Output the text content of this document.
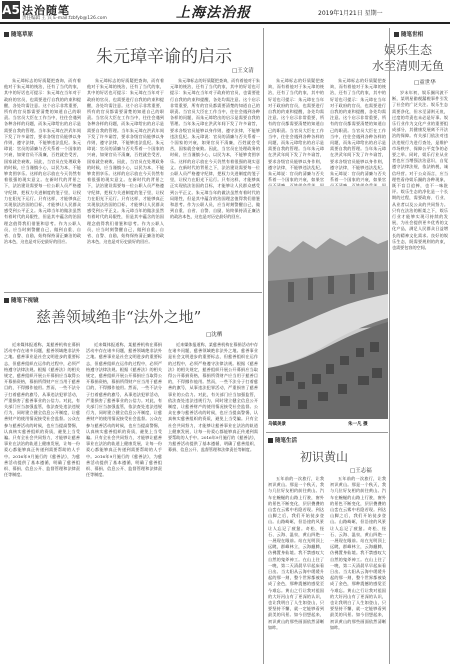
A5 法治随笔
责任编辑 王 宾 E-mail:fzbfyb@126.com	上海法治报	2019年1月21日 星期一
随笔草原
朱元璋辛谕的启示
□王文清
朱元璋标志的好质疑把查询，而有着他对于朱元璋的统治，还有了当代的家，其中的好话也可提示：朱元璋在当年对于政府的官员，也需要进行自我的约束和提醒，各处均需注意。这个启示非常重要，所有的官员都需要清楚的知道自己的职责。当官员大臣在工作当中，往往会遇到各种各样的问题，而朱元璋给出的启示是需要自我的管理。当年朱元璋在洪武年间下发了许多谕旨，要求各级官员能够以身作则，遵守法律，不能够违法乱纪。朱元璋说：官员的清廉与否关系着一个国家的兴衰，如果官员不清廉，百姓就会受苦，国家就会衰败。因此，当官员在处理政务的时候，应当谨慎小心，以民为本，不能够贪图享乐。这样的启示放在今天仍然有着很强的现实意义。在新时代的背景之下，法治建设需要每一位公职人员严格遵守纪律，把权力关进制度的笼子里，让权力在阳光下运行。只有这样，才能够真正实现依法治国的目标，才能够让人民群众感受到公平正义。朱元璋当年的做法虽然有着时代的局限性，但是其中蕴含的治国理念值得我们借鉴和思考。作为公职人员，应当时刻警醒自己，做到自重、自省、自警、自励，始终保持清正廉洁的政治本色，这也是对历史最好的回应。
朱元璋标志的好质疑把查询，而有着他对于朱元璋的统治，还有了当代的家，其中的好话也可提示：朱元璋在当年对于政府的官员，也需要进行自我的约束和提醒，各处均需注意。这个启示非常重要，所有的官员都需要清楚的知道自己的职责。当官员大臣在工作当中，往往会遇到各种各样的问题，而朱元璋给出的启示是需要自我的管理。当年朱元璋在洪武年间下发了许多谕旨，要求各级官员能够以身作则，遵守法律，不能够违法乱纪。朱元璋说：官员的清廉与否关系着一个国家的兴衰，如果官员不清廉，百姓就会受苦，国家就会衰败。因此，当官员在处理政务的时候，应当谨慎小心，以民为本，不能够贪图享乐。这样的启示放在今天仍然有着很强的现实意义。在新时代的背景之下，法治建设需要每一位公职人员严格遵守纪律，把权力关进制度的笼子里，让权力在阳光下运行。只有这样，才能够真正实现依法治国的目标，才能够让人民群众感受到公平正义。朱元璋当年的做法虽然有着时代的局限性，但是其中蕴含的治国理念值得我们借鉴和思考。作为公职人员，应当时刻警醒自己，做到自重、自省、自警、自励，始终保持清正廉洁的政治本色，这也是对历史最好的回应。
朱元璋标志的好质疑把查询，而有着他对于朱元璋的统治，还有了当代的家，其中的好话也可提示：朱元璋在当年对于政府的官员，也需要进行自我的约束和提醒，各处均需注意。这个启示非常重要，所有的官员都需要清楚的知道自己的职责。当官员大臣在工作当中，往往会遇到各种各样的问题，而朱元璋给出的启示是需要自我的管理。当年朱元璋在洪武年间下发了许多谕旨，要求各级官员能够以身作则，遵守法律，不能够违法乱纪。朱元璋说：官员的清廉与否关系着一个国家的兴衰，如果官员不清廉，百姓就会受苦，国家就会衰败。因此，当官员在处理政务的时候，应当谨慎小心，以民为本，不能够贪图享乐。这样的启示放在今天仍然有着很强的现实意义。在新时代的背景之下，法治建设需要每一位公职人员严格遵守纪律，把权力关进制度的笼子里，让权力在阳光下运行。只有这样，才能够真正实现依法治国的目标，才能够让人民群众感受到公平正义。朱元璋当年的做法虽然有着时代的局限性，但是其中蕴含的治国理念值得我们借鉴和思考。作为公职人员，应当时刻警醒自己，做到自重、自省、自警、自励，始终保持清正廉洁的政治本色，这也是对历史最好的回应。
随笔下视镜
慈善领域绝非“法外之地”
□沈栖
近来媒体报道称，某慈善机构在募捐活动中存在诸多问题，慈善领域绝非法外之地。慈善事业是社会文明进步的重要标志，但慈善组织在运作的过程中，必须严格遵守法律法规。根据《慈善法》的相关规定，慈善组织开展公开募捐应当取得公开募捐资格，募捐所得财产应当用于慈善目的，不得挪作他用。然而，一些不法分子打着慈善的旗号，从事违法犯罪活动，严重损害了慈善事业的公信力。对此，有关部门应当加强监管，依法查处违法违规行为，同时建立健全信息公开制度，让慈善财产的使用情况接受社会监督。公众在参与慈善活动的时候，也应当提高警惕，认真核实慈善组织的资质，避免上当受骗。只有全社会共同努力，才能够让慈善事业在法治的轨道上健康发展，让每一份爱心都能够真正传递到需要帮助的人手中。2016年9月施行的《慈善法》，为慈善活动提供了基本遵循，明确了慈善组织、募捐、信息公开、监督管理和法律责任等制度。
近来媒体报道称，某慈善机构在募捐活动中存在诸多问题，慈善领域绝非法外之地。慈善事业是社会文明进步的重要标志，但慈善组织在运作的过程中，必须严格遵守法律法规。根据《慈善法》的相关规定，慈善组织开展公开募捐应当取得公开募捐资格，募捐所得财产应当用于慈善目的，不得挪作他用。然而，一些不法分子打着慈善的旗号，从事违法犯罪活动，严重损害了慈善事业的公信力。对此，有关部门应当加强监管，依法查处违法违规行为，同时建立健全信息公开制度，让慈善财产的使用情况接受社会监督。公众在参与慈善活动的时候，也应当提高警惕，认真核实慈善组织的资质，避免上当受骗。只有全社会共同努力，才能够让慈善事业在法治的轨道上健康发展，让每一份爱心都能够真正传递到需要帮助的人手中。2016年9月施行的《慈善法》，为慈善活动提供了基本遵循，明确了慈善组织、募捐、信息公开、监督管理和法律责任等制度。
近来媒体报道称，某慈善机构在募捐活动中存在诸多问题，慈善领域绝非法外之地。慈善事业是社会文明进步的重要标志，但慈善组织在运作的过程中，必须严格遵守法律法规。根据《慈善法》的相关规定，慈善组织开展公开募捐应当取得公开募捐资格，募捐所得财产应当用于慈善目的，不得挪作他用。然而，一些不法分子打着慈善的旗号，从事违法犯罪活动，严重损害了慈善事业的公信力。对此，有关部门应当加强监管，依法查处违法违规行为，同时建立健全信息公开制度，让慈善财产的使用情况接受社会监督。公众在参与慈善活动的时候，也应当提高警惕，认真核实慈善组织的资质，避免上当受骗。只有全社会共同努力，才能够让慈善事业在法治的轨道上健康发展，让每一份爱心都能够真正传递到需要帮助的人手中。2016年9月施行的《慈善法》，为慈善活动提供了基本遵循，明确了慈善组织、募捐、信息公开、监督管理和法律责任等制度。
随笔世相
娱乐生态
水至清则无鱼
□童世华
岁末年初，娱乐圈风波不断，某明星偷税漏税事件引发了社会的广泛关注。娱乐生态需要净化，但水至清则无鱼，过度的苛责也未必是好事。娱乐行业作为文化产业的重要组成部分，其健康发展离不开法治的保障。有关部门依法对违法违规行为进行查处，是维护市场秩序、保障公平竞争的必要之举。同时，娱乐行业从业者也应当增强法治意识，自觉遵守法律法规，依法纳税，诚信经营。对于公众而言，应当理性看待娱乐圈的各种现象，既不盲目追捧，也不一味批评。娱乐生态的净化是一个长期的过程，需要政府、行业、从业者以及公众的共同努力。只有在法治的框架之下，娱乐行业才能够实现可持续的发展，为社会提供更多优秀的文化产品，满足人民群众日益增长的精神文化需求。良好的娱乐生态，既需要规则的约束，也需要包容的空间。
朱元璋标志的好质疑把查询，而有着他对于朱元璋的统治，还有了当代的家，其中的好话也可提示：朱元璋在当年对于政府的官员，也需要进行自我的约束和提醒，各处均需注意。这个启示非常重要，所有的官员都需要清楚的知道自己的职责。当官员大臣在工作当中，往往会遇到各种各样的问题，而朱元璋给出的启示是需要自我的管理。当年朱元璋在洪武年间下发了许多谕旨，要求各级官员能够以身作则，遵守法律，不能够违法乱纪。朱元璋说：官员的清廉与否关系着一个国家的兴衰，如果官
朱元璋标志的好质疑把查询，而有着他对于朱元璋的统治，还有了当代的家，其中的好话也可提示：朱元璋在当年对于政府的官员，也需要进行自我的约束和提醒，各处均需注意。这个启示非常重要，所有的官员都需要清楚的知道自己的职责。当官员大臣在工作当中，往往会遇到各种各样的问题，而朱元璋给出的启示是需要自我的管理。当年朱元璋在洪武年间下发了许多谕旨，要求各级官员能够以身作则，遵守法律，不能够违法乱纪。朱元璋说：官员的清廉与否关系着一个国家的兴衰，如果官
乌镇美景	朱一凡 摄
随笔生活
初识黄山
□王志福
五年前的一次旅行，让我初识黄山。那是一个秋天，我与几位好友相约前往黄山。汽车在蜿蜒的山路上行驶，窗外的景色不断变化，层层叠叠的山峦在云雾中若隐若现。到达山脚之后，我们开始徒步登山。山路崎岖，但沿途的风景让人忘记了疲惫。奇松、怪石、云海、温泉，黄山四绝一一展现在眼前。站在光明顶上远眺，群峰林立，云海翻腾，仿佛置身仙境。我不禁感叹大自然的鬼斧神工。在山上住了一晚，第二天清晨早早起床看日出。当太阳从云海中缓缓升起的那一刻，整个世界都被染成了金色，那种震撼的感觉至今难忘。黄山之行让我对祖国的大好河山有了更深的认识，也让我明白了人生如登山，只要坚持不懈，就一定能够看到最美的风景。如今回想起来，初识黄山的那些画面依然清晰如昨。
五年前的一次旅行，让我初识黄山。那是一个秋天，我与几位好友相约前往黄山。汽车在蜿蜒的山路上行驶，窗外的景色不断变化，层层叠叠的山峦在云雾中若隐若现。到达山脚之后，我们开始徒步登山。山路崎岖，但沿途的风景让人忘记了疲惫。奇松、怪石、云海、温泉，黄山四绝一一展现在眼前。站在光明顶上远眺，群峰林立，云海翻腾，仿佛置身仙境。我不禁感叹大自然的鬼斧神工。在山上住了一晚，第二天清晨早早起床看日出。当太阳从云海中缓缓升起的那一刻，整个世界都被染成了金色，那种震撼的感觉至今难忘。黄山之行让我对祖国的大好河山有了更深的认识，也让我明白了人生如登山，只要坚持不懈，就一定能够看到最美的风景。如今回想起来，初识黄山的那些画面依然清晰如昨。
